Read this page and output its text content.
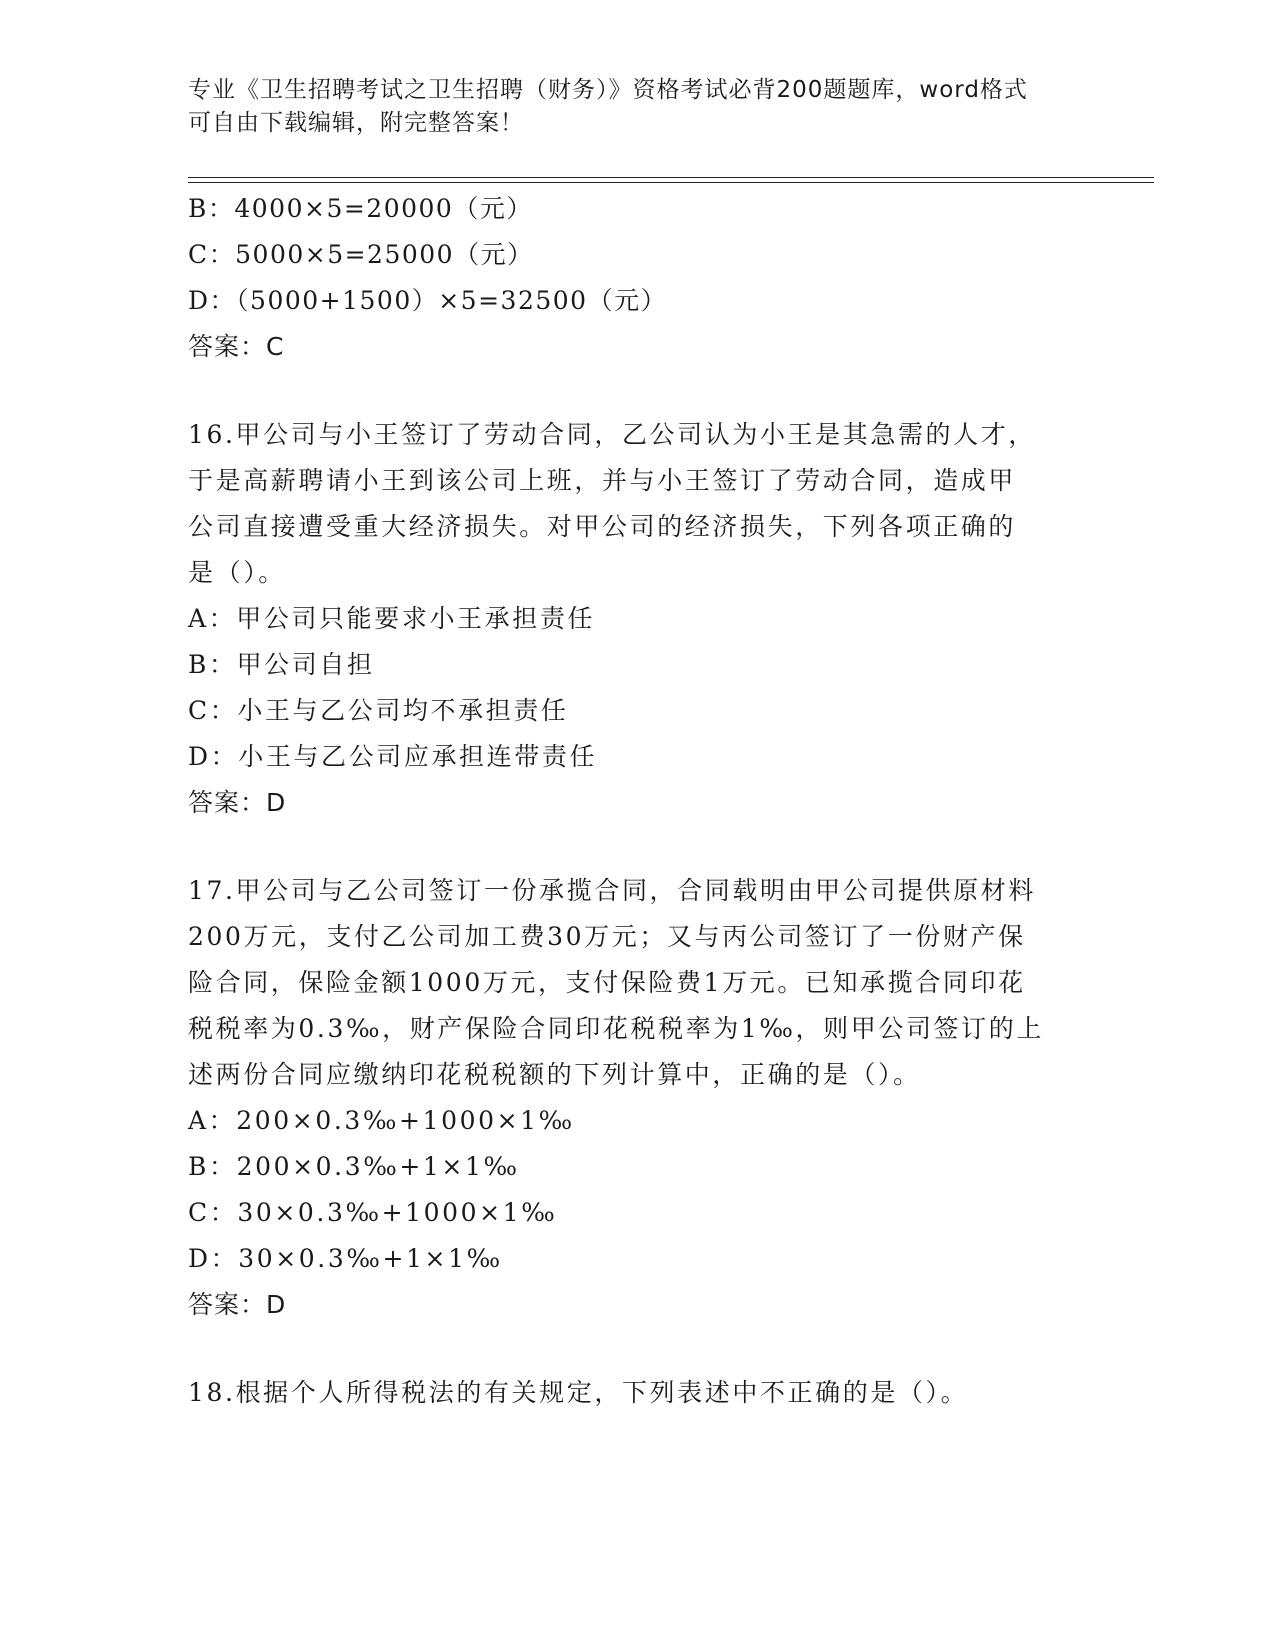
专业《卫生招聘考试之卫生招聘（财务）》资格考试必背200题题库，word格式
可自由下载编辑，附完整答案！
B：4000×5=20000（元）
C：5000×5=25000（元）
D：（5000+1500）×5=32500（元）
答案：C
16.甲公司与小王签订了劳动合同，乙公司认为小王是其急需的人才，
于是高薪聘请小王到该公司上班，并与小王签订了劳动合同，造成甲
公司直接遭受重大经济损失。对甲公司的经济损失，下列各项正确的
是（）。
A：甲公司只能要求小王承担责任
B：甲公司自担
C：小王与乙公司均不承担责任
D：小王与乙公司应承担连带责任
答案：D
17.甲公司与乙公司签订一份承揽合同，合同载明由甲公司提供原材料
200万元，支付乙公司加工费30万元；又与丙公司签订了一份财产保
险合同，保险金额1000万元，支付保险费1万元。已知承揽合同印花
税税率为0.3‰，财产保险合同印花税税率为1‰，则甲公司签订的上
述两份合同应缴纳印花税税额的下列计算中，正确的是（）。
A：200×0.3‰+1000×1‰
B：200×0.3‰+1×1‰
C：30×0.3‰+1000×1‰
D：30×0.3‰+1×1‰
答案：D
18.根据个人所得税法的有关规定，下列表述中不正确的是（）。
